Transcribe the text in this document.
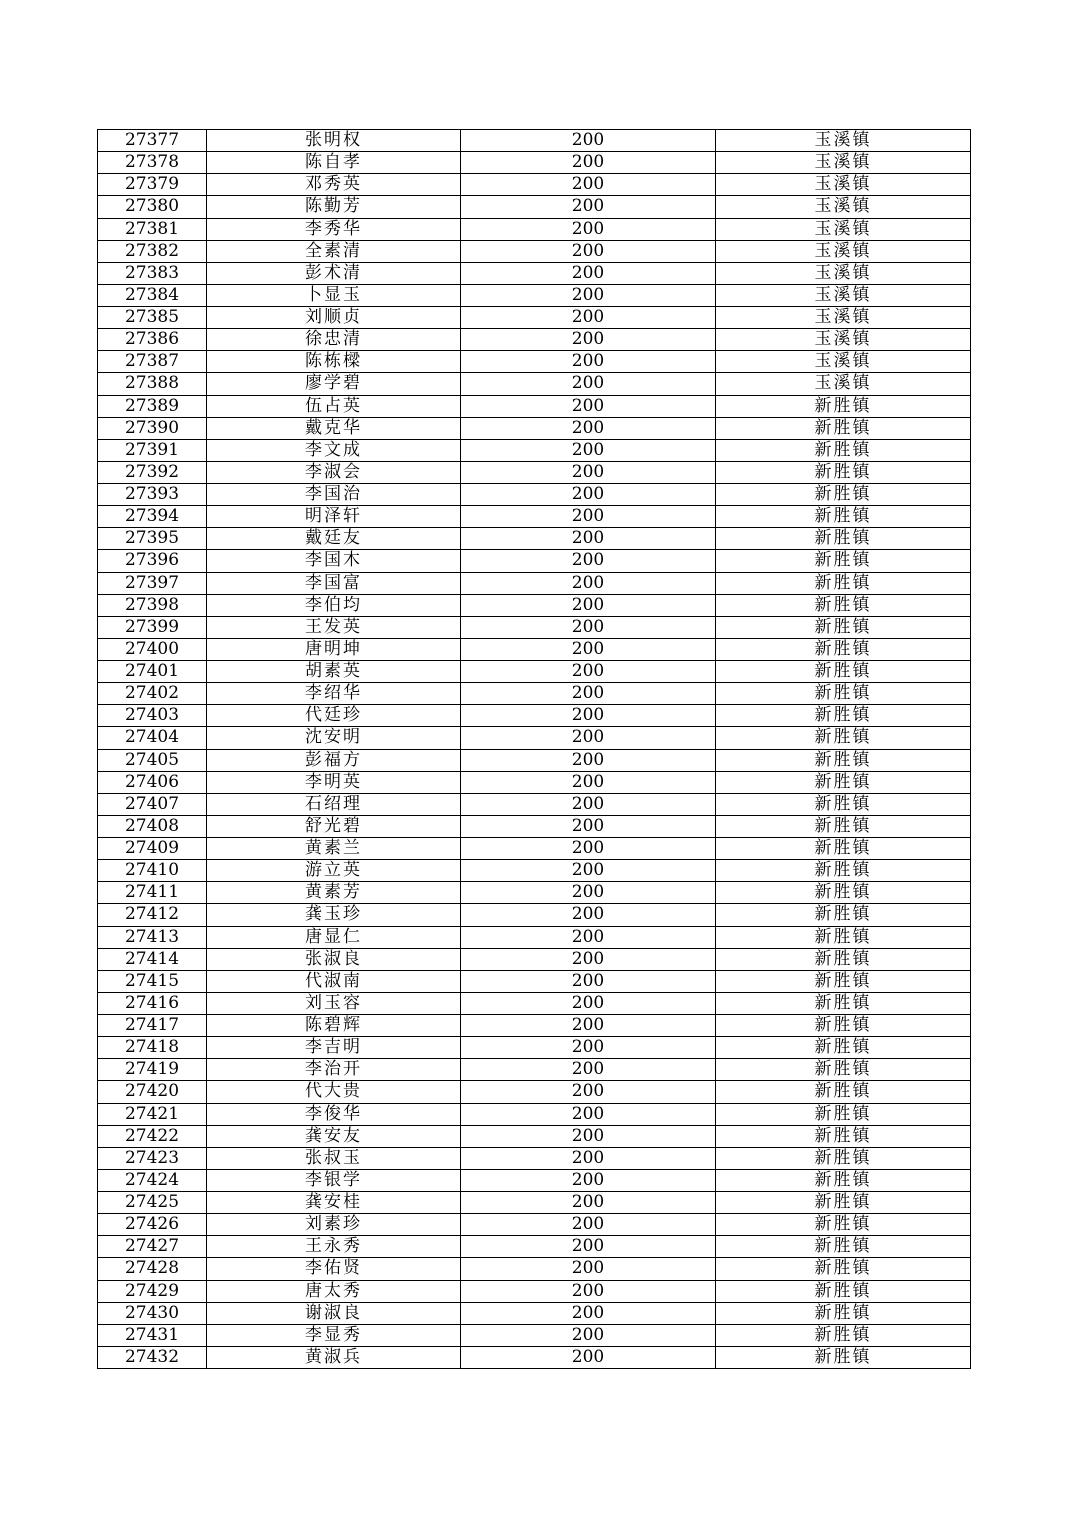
27377	张明权	200	玉溪镇
27378	陈自孝	200	玉溪镇
27379	邓秀英	200	玉溪镇
27380	陈勤芳	200	玉溪镇
27381	李秀华	200	玉溪镇
27382	全素清	200	玉溪镇
27383	彭术清	200	玉溪镇
27384	卜显玉	200	玉溪镇
27385	刘顺贞	200	玉溪镇
27386	徐忠清	200	玉溪镇
27387	陈栋樑	200	玉溪镇
27388	廖学碧	200	玉溪镇
27389	伍占英	200	新胜镇
27390	戴克华	200	新胜镇
27391	李文成	200	新胜镇
27392	李淑会	200	新胜镇
27393	李国治	200	新胜镇
27394	明泽轩	200	新胜镇
27395	戴廷友	200	新胜镇
27396	李国木	200	新胜镇
27397	李国富	200	新胜镇
27398	李伯均	200	新胜镇
27399	王发英	200	新胜镇
27400	唐明坤	200	新胜镇
27401	胡素英	200	新胜镇
27402	李绍华	200	新胜镇
27403	代廷珍	200	新胜镇
27404	沈安明	200	新胜镇
27405	彭福方	200	新胜镇
27406	李明英	200	新胜镇
27407	石绍理	200	新胜镇
27408	舒光碧	200	新胜镇
27409	黄素兰	200	新胜镇
27410	游立英	200	新胜镇
27411	黄素芳	200	新胜镇
27412	龚玉珍	200	新胜镇
27413	唐显仁	200	新胜镇
27414	张淑良	200	新胜镇
27415	代淑南	200	新胜镇
27416	刘玉容	200	新胜镇
27417	陈碧辉	200	新胜镇
27418	李吉明	200	新胜镇
27419	李治开	200	新胜镇
27420	代大贵	200	新胜镇
27421	李俊华	200	新胜镇
27422	龚安友	200	新胜镇
27423	张叔玉	200	新胜镇
27424	李银学	200	新胜镇
27425	龚安桂	200	新胜镇
27426	刘素珍	200	新胜镇
27427	王永秀	200	新胜镇
27428	李佑贤	200	新胜镇
27429	唐太秀	200	新胜镇
27430	谢淑良	200	新胜镇
27431	李显秀	200	新胜镇
27432	黄淑兵	200	新胜镇
